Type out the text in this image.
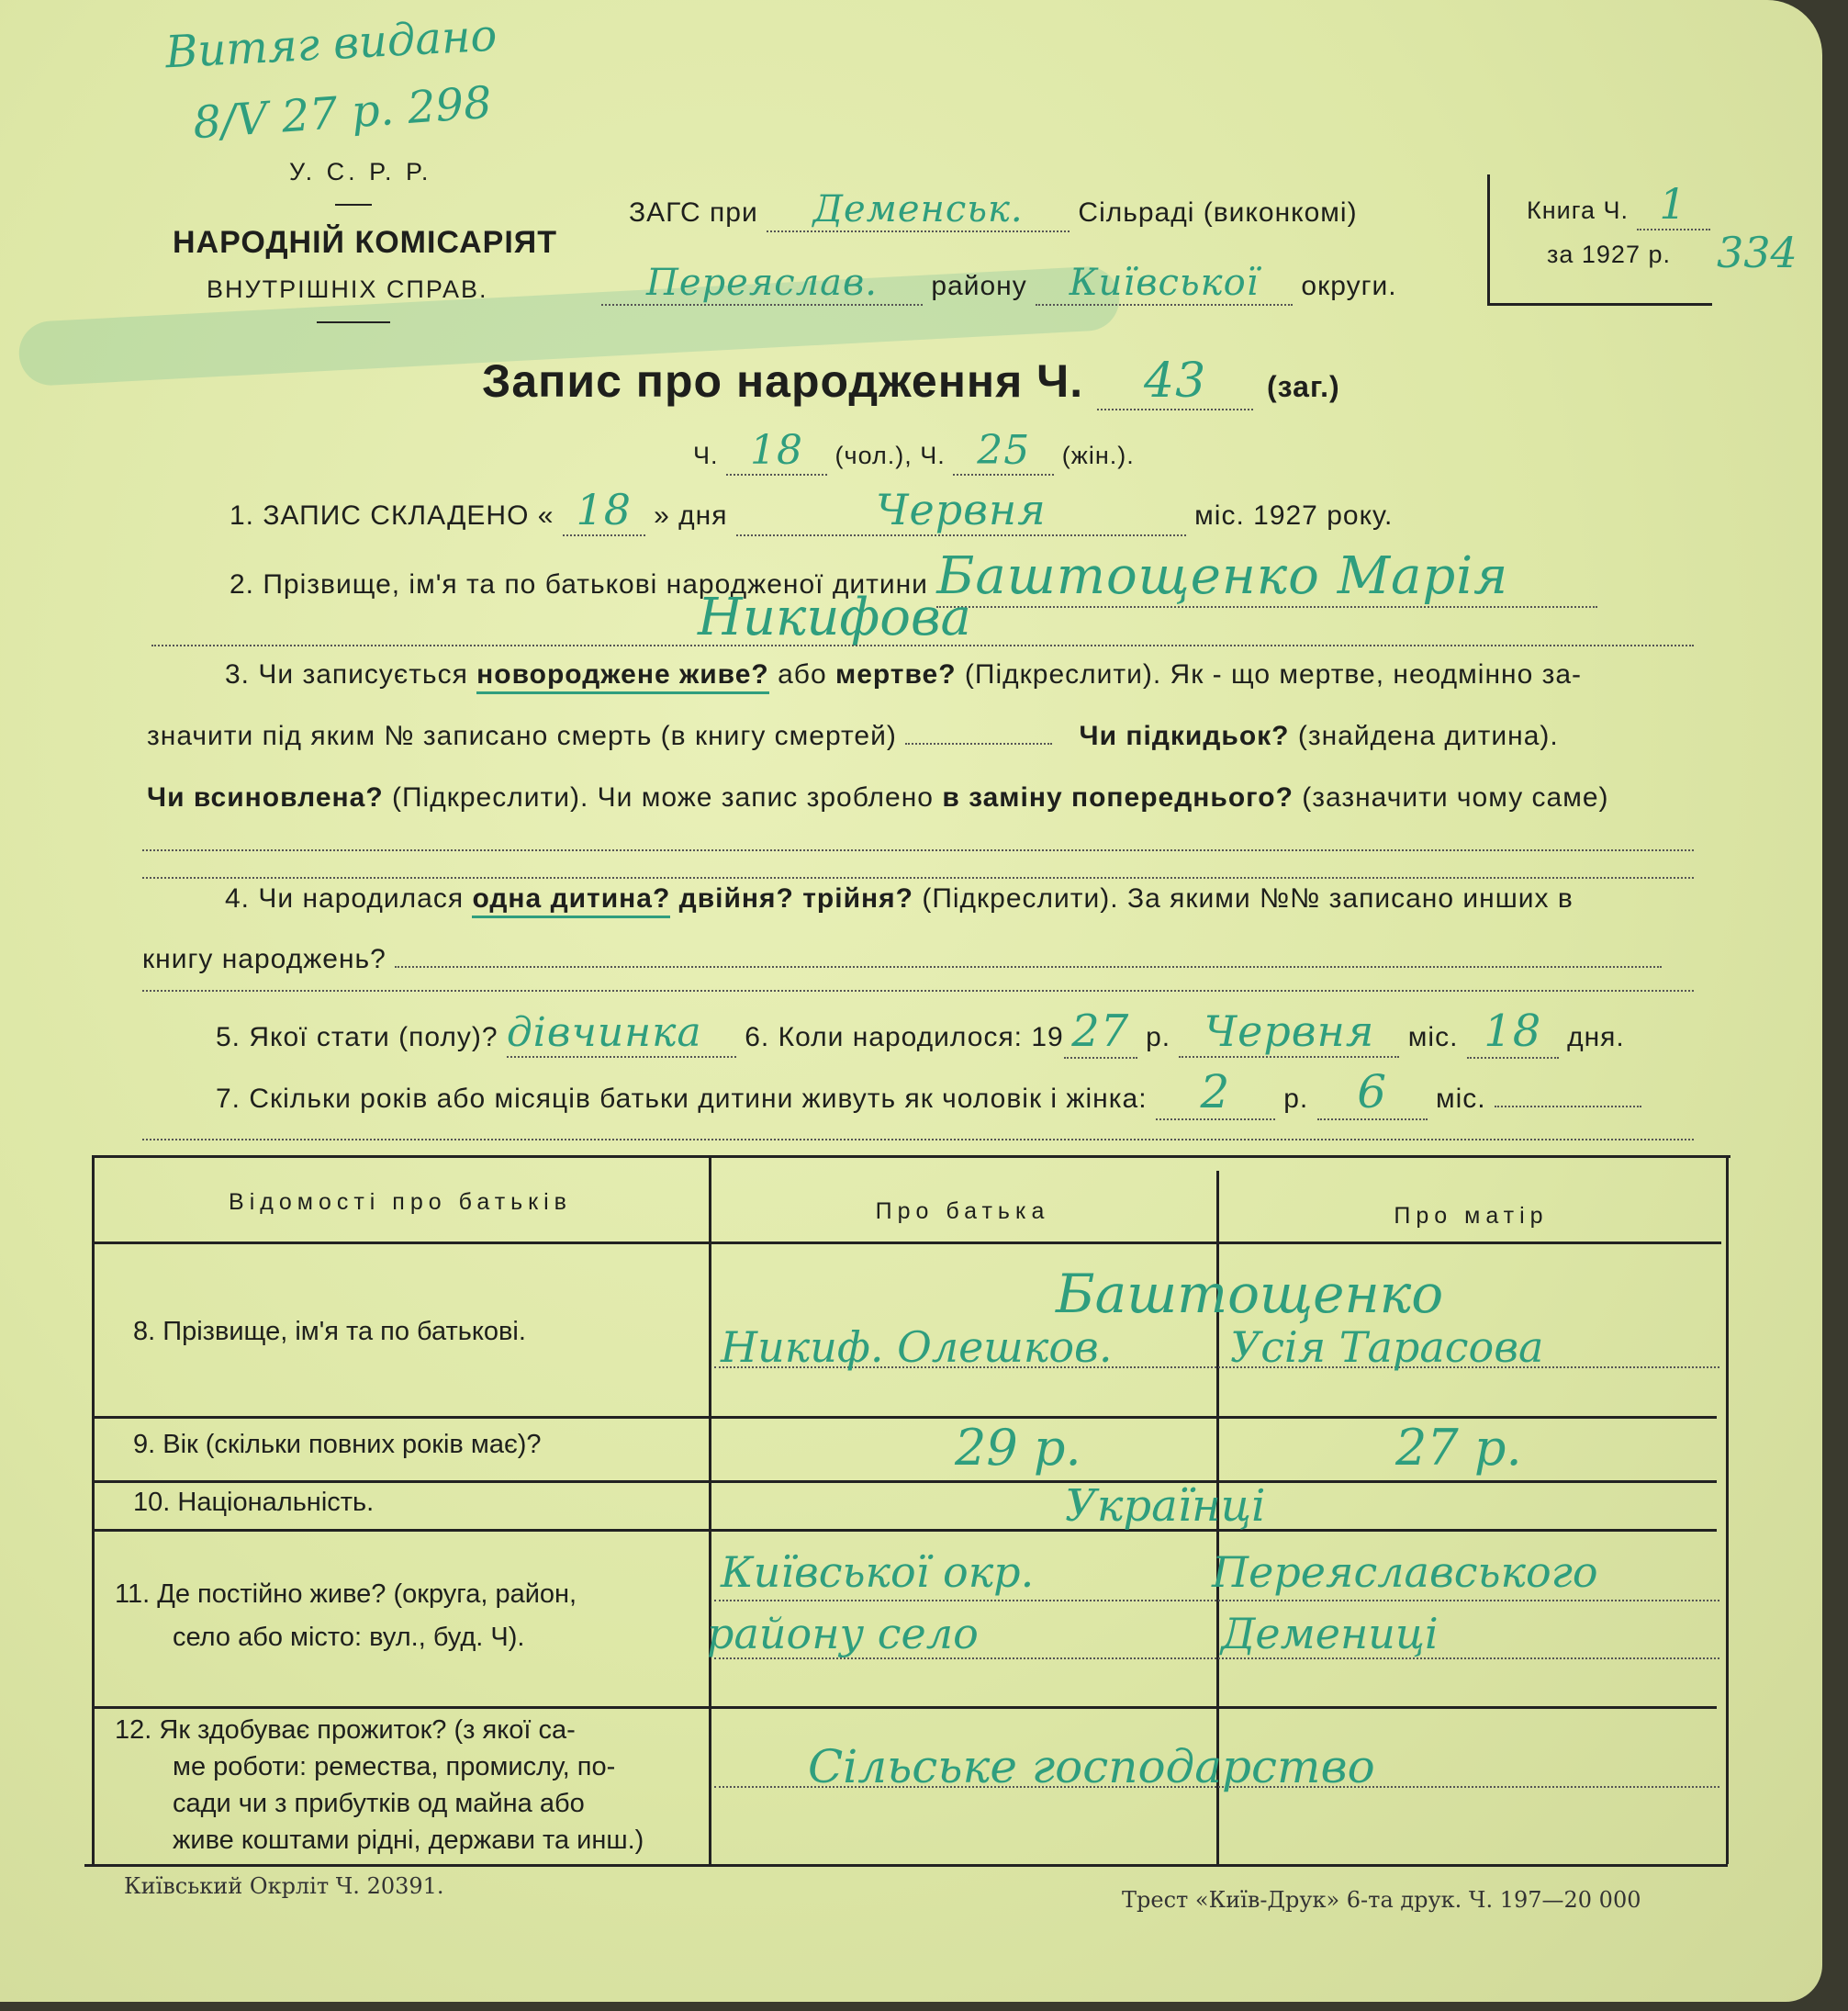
Витяг видано
8/V 27 р. 298
У. С. Р. Р.
НАРОДНІЙ КОМІСАРІЯТ
ВНУТРІШНІХ СПРАВ.
ЗАГС при Деменськ. Сільраді (виконкомі)
Переяслав. району Київської округи.
Книга Ч. 1
за 1927 р. 334
Запис про народження Ч. 43 (заг.)
Ч. 18 (чол.), Ч. 25 (жін.).
1. ЗАПИС СКЛАДЕНО « 18 » дня	Червня	міс. 1927 року.
2. Прізвище, ім'я та по батькові народженої дитини Баштощенко Марія
Никифова
3. Чи записується новороджене живе? або мертве? (Підкреслити). Як - що мертве, неодмінно за-
значити під яким № записано смерть (в книгу смертей)	Чи підкидьок? (знайдена дитина).
Чи всиновлена? (Підкреслити). Чи може запис зроблено в заміну попереднього? (зазначити чому саме)
4. Чи народилася одна дитина? двійня? трійня? (Підкреслити). За якими №№ записано инших в
книгу народжень?
5. Якої стати (полу)? дівчинка 6. Коли народилося: 19 27 р. Червня міс. 18 дня.
7. Скільки років або місяців батьки дитини живуть як чоловік і жінка: 2 р. 6 міс.
Відомості про батьків	Про батька	Про матір
8. Прізвище, ім'я та по батькові.
Баштощенко
Никиф. Олешков.	Усія Тарасова
9. Вік (скільки повних років має)?	29 р.	27 р.
10. Національність.	Українці
11. Де постійно живе? (округа, район,
село або місто: вул., буд. Ч).
Київської окр.	Переяславського
району село	Демениці
12. Як здобуває прожиток? (з якої са-
ме роботи: ремества, промислу, по-
сади чи з прибутків од майна або
живе коштами рідні, держави та инш.)
Сільське господарство
Київський Окрліт Ч. 20391.
Трест «Київ-Друк» 6-та друк. Ч. 197—20 000
